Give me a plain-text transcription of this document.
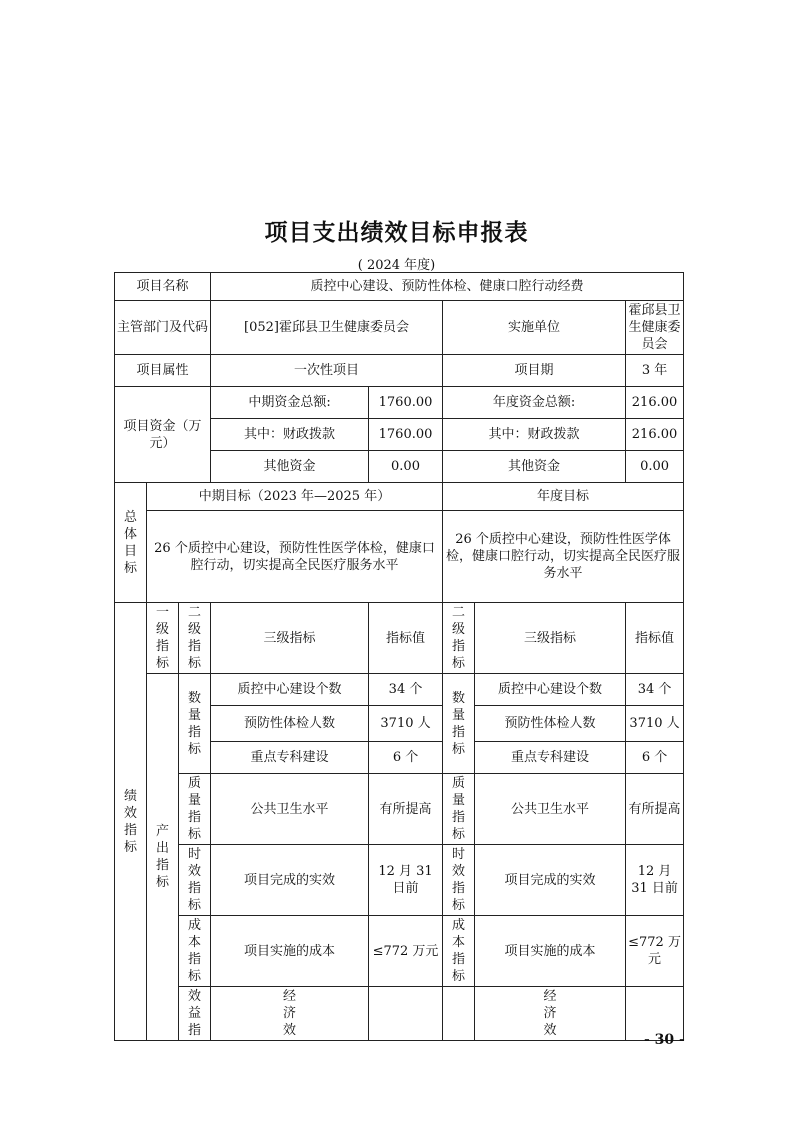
项目支出绩效目标申报表
( 2024 年度)
项目名称			质控中心建设、预防性体检、健康口腔行动经费					
主管部门及代码			[052]霍邱县卫生健康委员会		实施单位		霍邱县卫生健康委员会	
项目属性			一次性项目		项目期		3 年	
项目资金（万元）			中期资金总额:	1760.00	年度资金总额:		216.00	
			其中：财政拨款	1760.00	其中：财政拨款		216.00	
			其他资金	0.00	其他资金		0.00	
总体目标	中期目标（2023 年—2025 年）				年度目标			
	26 个质控中心建设，预防性性医学体检，健康口腔行动，切实提高全民医疗服务水平				26 个质控中心建设，预防性性医学体检，健康口腔行动，切实提高全民医疗服务水平			
绩效指标	一级指标	二级指标	三级指标	指标值	二级指标	三级指标	指标值	
	产出指标	数量指标	质控中心建设个数	34 个	数量指标	质控中心建设个数	34 个	
			预防性体检人数	3710 人		预防性体检人数	3710 人	
			重点专科建设	6 个		重点专科建设	6 个	
		质量指标	公共卫生水平	有所提高	质量指标	公共卫生水平	有所提高	
		时效指标	项目完成的实效	12 月 31 日前	时效指标	项目完成的实效	12 月 31 日前	
		成本指标	项目实施的成本	≤772 万元	成本指标	项目实施的成本	≤772 万元	
		效益指	经济效			经济效		
- 30 -
